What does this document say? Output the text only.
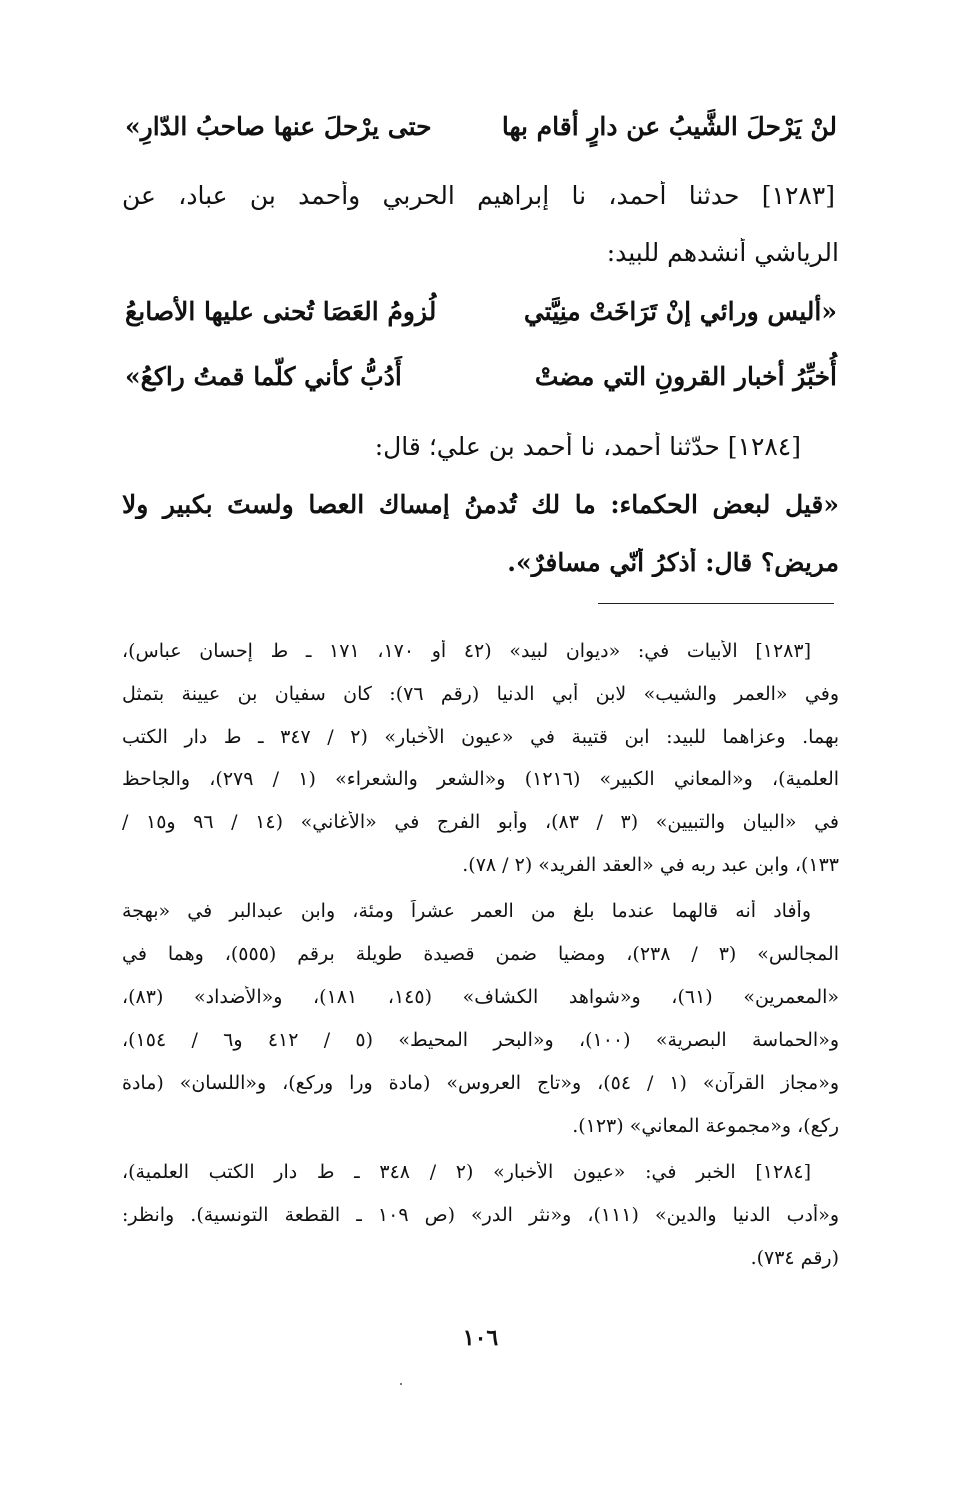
لنْ يَرْحلَ الشَّيبُ عن دارٍ أقام بها
حتى يرْحلَ عنها صاحبُ الدّارِ»
[١٢٨٣] حدثنا أحمد، نا إبراهيم الحربي وأحمد بن عباد، عن
الرياشي أنشدهم للبيد:
«أليس ورائي إنْ تَرَاخَتْ منِيَّتي
لُزومُ العَصَا تُحنى عليها الأصابعُ
أُخبِّرُ أخبار القرونِ التي مضتْ
أَدُبُّ كأني كلّما قمتُ راكعُ»
[١٢٨٤] حدّثنا أحمد، نا أحمد بن علي؛ قال:
«قيل لبعض الحكماء: ما لك تُدمنُ إمساك العصا ولستَ بكبيرٍ ولا
مريضٍ؟ قال: أذكرُ أنّي مسافرٌ».
[١٢٨٣] الأبيات في: «ديوان لبيد» (٤٢ أو ١٧٠، ١٧١ ـ ط إحسان عباس)،
وفي «العمر والشيب» لابن أبي الدنيا (رقم ٧٦): كان سفيان بن عيينة بتمثل
بهما. وعزاهما للبيد: ابن قتيبة في «عيون الأخبار» (٢ / ٣٤٧ ـ ط دار الكتب
العلمية)، و«المعاني الكبير» (١٢١٦) و«الشعر والشعراء» (١ / ٢٧٩)، والجاحظ
في «البيان والتبيين» (٣ / ٨٣)، وأبو الفرج في «الأغاني» (١٤ / ٩٦ و١٥ /
١٣٣)، وابن عبد ربه في «العقد الفريد» (٢ / ٧٨).
وأفاد أنه قالهما عندما بلغ من العمر عشراً ومئة، وابن عبدالبر في «بهجة
المجالس» (٣ / ٢٣٨)، ومضيا ضمن قصيدة طويلة برقم (٥٥٥)، وهما في
«المعمرين» (٦١)، و«شواهد الكشاف» (١٤٥، ١٨١)، و«الأضداد» (٨٣)،
و«الحماسة البصرية» (١٠٠)، و«البحر المحيط» (٥ / ٤١٢ و٦ / ١٥٤)،
و«مجاز القرآن» (١ / ٥٤)، و«تاج العروس» (مادة ورا وركع)، و«اللسان» (مادة
ركع)، و«مجموعة المعاني» (١٢٣).
[١٢٨٤] الخبر في: «عيون الأخبار» (٢ / ٣٤٨ ـ ط دار الكتب العلمية)،
و«أدب الدنيا والدين» (١١١)، و«نثر الدر» (ص ١٠٩ ـ القطعة التونسية). وانظر:
(رقم ٧٣٤).
١٠٦
